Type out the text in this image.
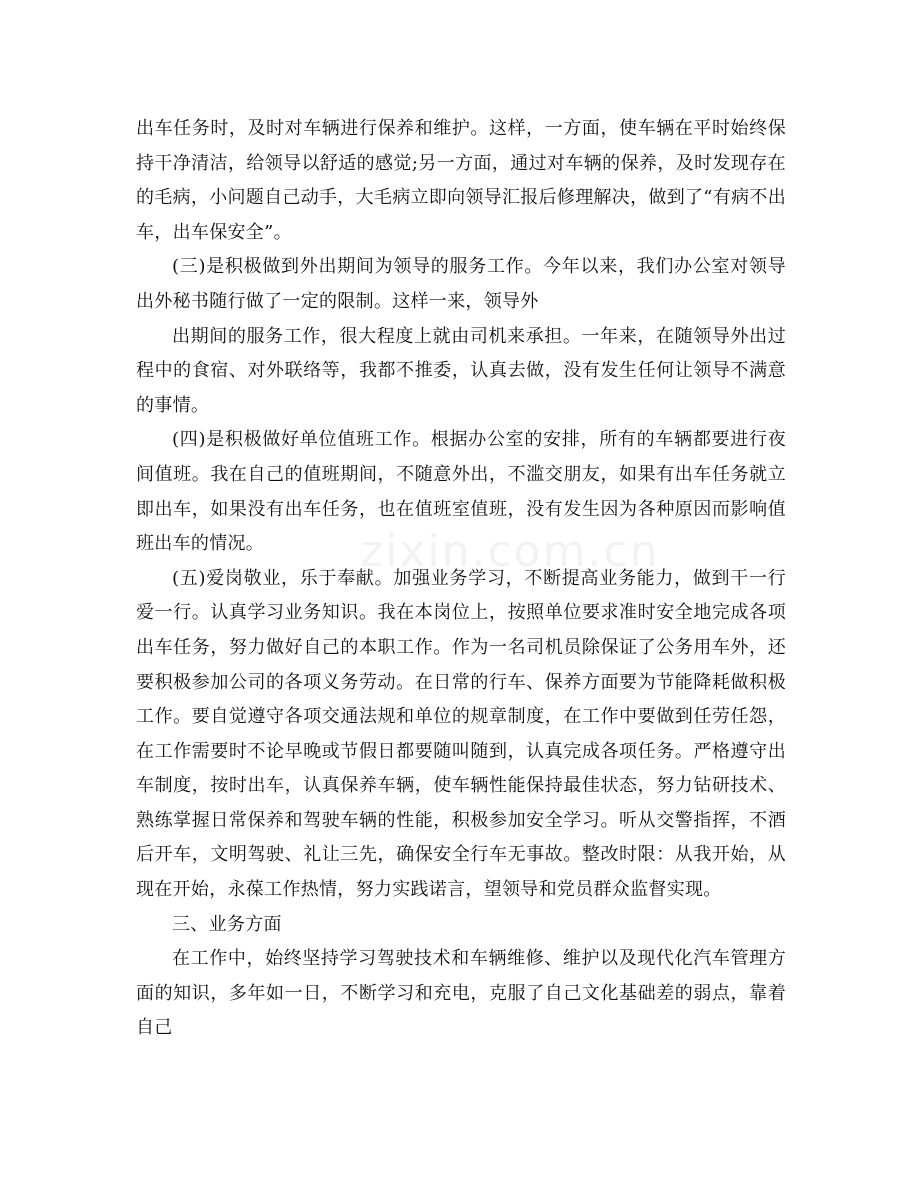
出车任务时，及时对车辆进行保养和维护。这样，一方面，使车辆在平时始终保持干净清洁，给领导以舒适的感觉;另一方面，通过对车辆的保养，及时发现存在的毛病，小问题自己动手，大毛病立即向领导汇报后修理解决，做到了“有病不出车，出车保安全”。

(三)是积极做到外出期间为领导的服务工作。今年以来，我们办公室对领导出外秘书随行做了一定的限制。这样一来，领导外

出期间的服务工作，很大程度上就由司机来承担。一年来，在随领导外出过程中的食宿、对外联络等，我都不推委，认真去做，没有发生任何让领导不满意的事情。

(四)是积极做好单位值班工作。根据办公室的安排，所有的车辆都要进行夜间值班。我在自己的值班期间，不随意外出，不滥交朋友，如果有出车任务就立即出车，如果没有出车任务，也在值班室值班，没有发生因为各种原因而影响值班出车的情况。

(五)爱岗敬业，乐于奉献。加强业务学习，不断提高业务能力，做到干一行爱一行。认真学习业务知识。我在本岗位上，按照单位要求准时安全地完成各项出车任务，努力做好自己的本职工作。作为一名司机员除保证了公务用车外，还要积极参加公司的各项义务劳动。在日常的行车、保养方面要为节能降耗做积极工作。要自觉遵守各项交通法规和单位的规章制度，在工作中要做到任劳任怨，在工作需要时不论早晚或节假日都要随叫随到，认真完成各项任务。严格遵守出车制度，按时出车，认真保养车辆，使车辆性能保持最佳状态，努力钻研技术、熟练掌握日常保养和驾驶车辆的性能，积极参加安全学习。听从交警指挥，不酒后开车，文明驾驶、礼让三先，确保安全行车无事故。整改时限：从我开始，从现在开始，永葆工作热情，努力实践诺言，望领导和党员群众监督实现。

三、业务方面

在工作中，始终坚持学习驾驶技术和车辆维修、维护以及现代化汽车管理方面的知识，多年如一日，不断学习和充电，克服了自己文化基础差的弱点，靠着自己

zixin.com.cn
